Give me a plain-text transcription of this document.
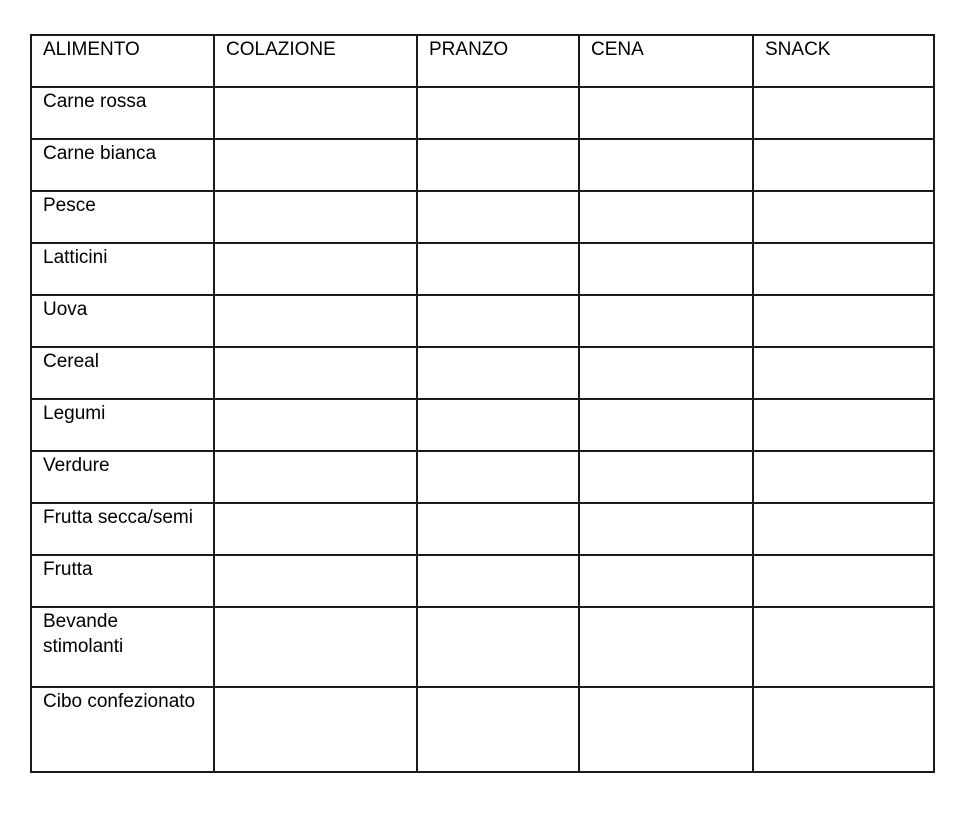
ALIMENTO	COLAZIONE	PRANZO	CENA	SNACK
Carne rossa				
Carne bianca				
Pesce				
Latticini				
Uova				
Cereal				
Legumi				
Verdure				
Frutta secca/semi				
Frutta				
Bevande stimolanti				
Cibo confezionato				
